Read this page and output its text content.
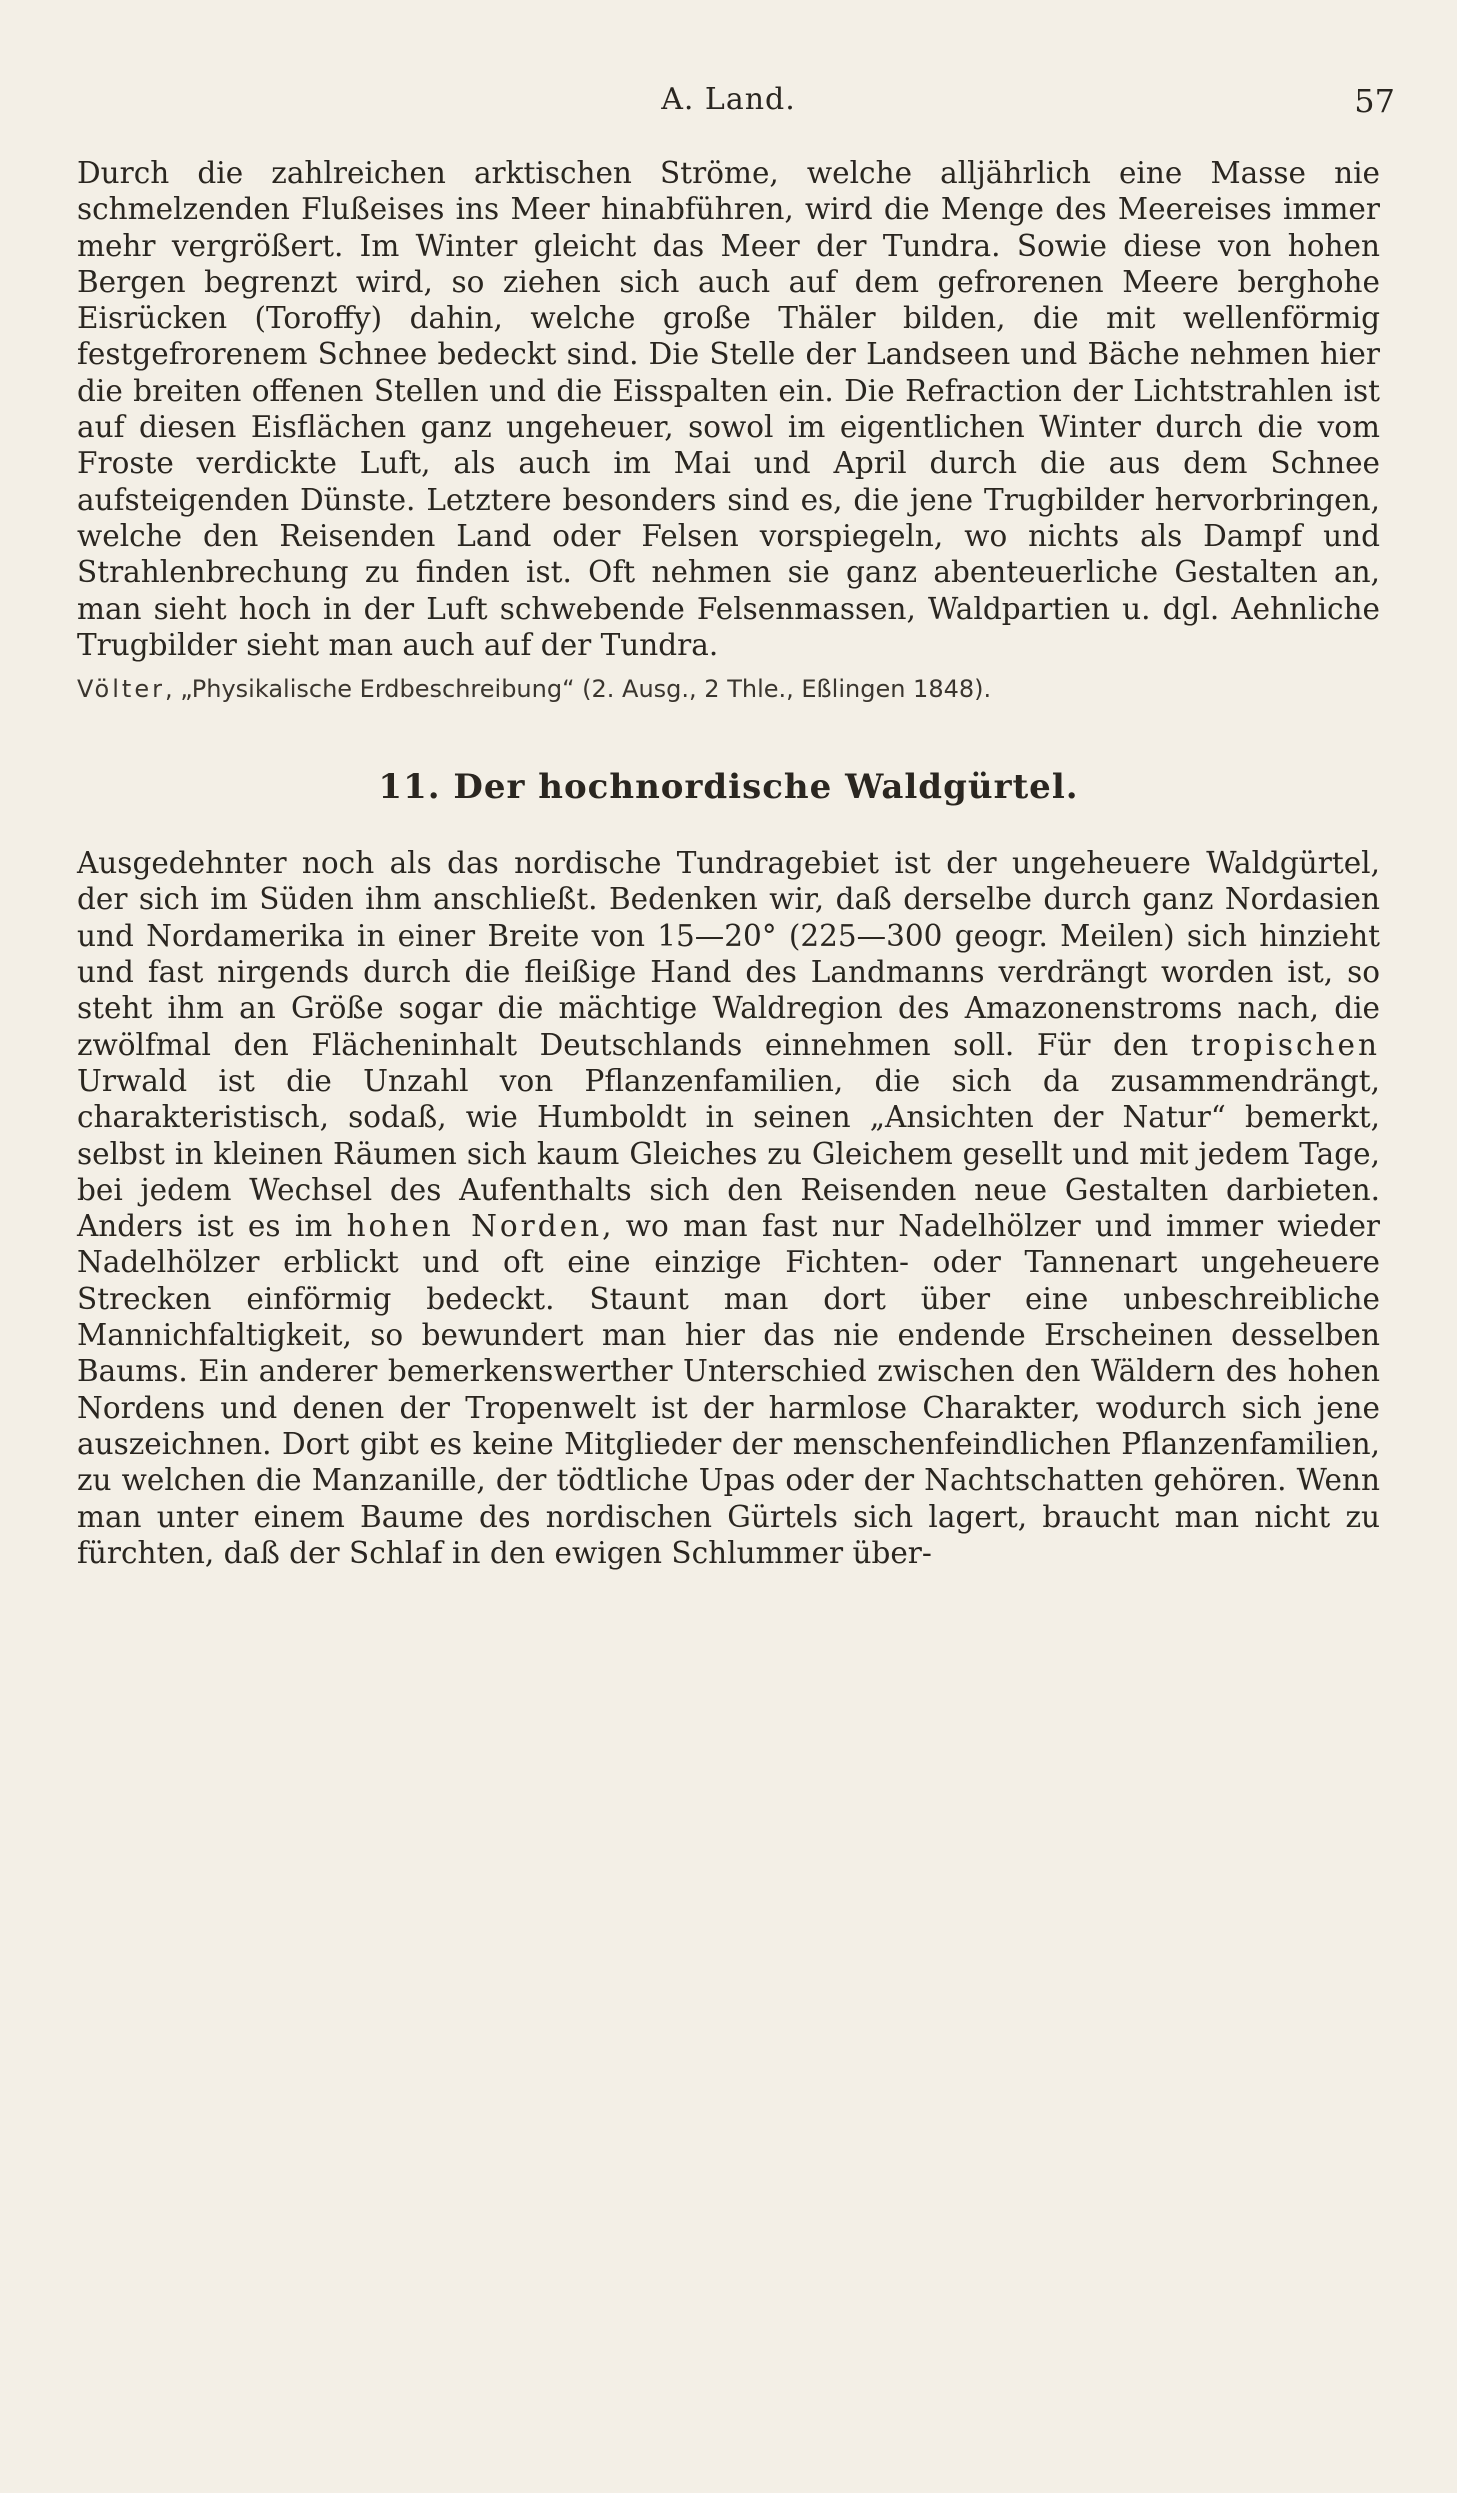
A. Land.	57

Durch die zahlreichen arktischen Ströme, welche alljährlich eine Masse nie schmelzenden Flußeises ins Meer hinabführen, wird die Menge des Meereises immer mehr vergrößert. Im Winter gleicht das Meer der Tundra. Sowie diese von hohen Bergen begrenzt wird, so ziehen sich auch auf dem gefrorenen Meere berghohe Eisrücken (Toroffy) dahin, welche große Thäler bilden, die mit wellenförmig festgefrorenem Schnee bedeckt sind. Die Stelle der Landseen und Bäche nehmen hier die breiten offenen Stellen und die Eisspalten ein. Die Refraction der Lichtstrahlen ist auf diesen Eisflächen ganz ungeheuer, sowol im eigentlichen Winter durch die vom Froste verdickte Luft, als auch im Mai und April durch die aus dem Schnee aufsteigenden Dünste. Letztere besonders sind es, die jene Trugbilder hervorbringen, welche den Reisenden Land oder Felsen vorspiegeln, wo nichts als Dampf und Strahlenbrechung zu finden ist. Oft nehmen sie ganz abenteuerliche Gestalten an, man sieht hoch in der Luft schwebende Felsenmassen, Waldpartien u. dgl. Aehnliche Trugbilder sieht man auch auf der Tundra.

Völter, „Physikalische Erdbeschreibung“ (2. Ausg., 2 Thle., Eßlingen 1848).

11. Der hochnordische Waldgürtel.

Ausgedehnter noch als das nordische Tundragebiet ist der ungeheuere Waldgürtel, der sich im Süden ihm anschließt. Bedenken wir, daß derselbe durch ganz Nordasien und Nordamerika in einer Breite von 15—20° (225—300 geogr. Meilen) sich hinzieht und fast nirgends durch die fleißige Hand des Landmanns verdrängt worden ist, so steht ihm an Größe sogar die mächtige Waldregion des Amazonenstroms nach, die zwölfmal den Flächeninhalt Deutschlands einnehmen soll. Für den tropischen Urwald ist die Unzahl von Pflanzenfamilien, die sich da zusammendrängt, charakteristisch, sodaß, wie Humboldt in seinen „Ansichten der Natur“ bemerkt, selbst in kleinen Räumen sich kaum Gleiches zu Gleichem gesellt und mit jedem Tage, bei jedem Wechsel des Aufenthalts sich den Reisenden neue Gestalten darbieten. Anders ist es im hohen Norden, wo man fast nur Nadelhölzer und immer wieder Nadelhölzer erblickt und oft eine einzige Fichten- oder Tannenart ungeheuere Strecken einförmig bedeckt. Staunt man dort über eine unbeschreibliche Mannichfaltigkeit, so bewundert man hier das nie endende Erscheinen desselben Baums. Ein anderer bemerkenswerther Unterschied zwischen den Wäldern des hohen Nordens und denen der Tropenwelt ist der harmlose Charakter, wodurch sich jene auszeichnen. Dort gibt es keine Mitglieder der menschenfeindlichen Pflanzenfamilien, zu welchen die Manzanille, der tödtliche Upas oder der Nachtschatten gehören. Wenn man unter einem Baume des nordischen Gürtels sich lagert, braucht man nicht zu fürchten, daß der Schlaf in den ewigen Schlummer über-
